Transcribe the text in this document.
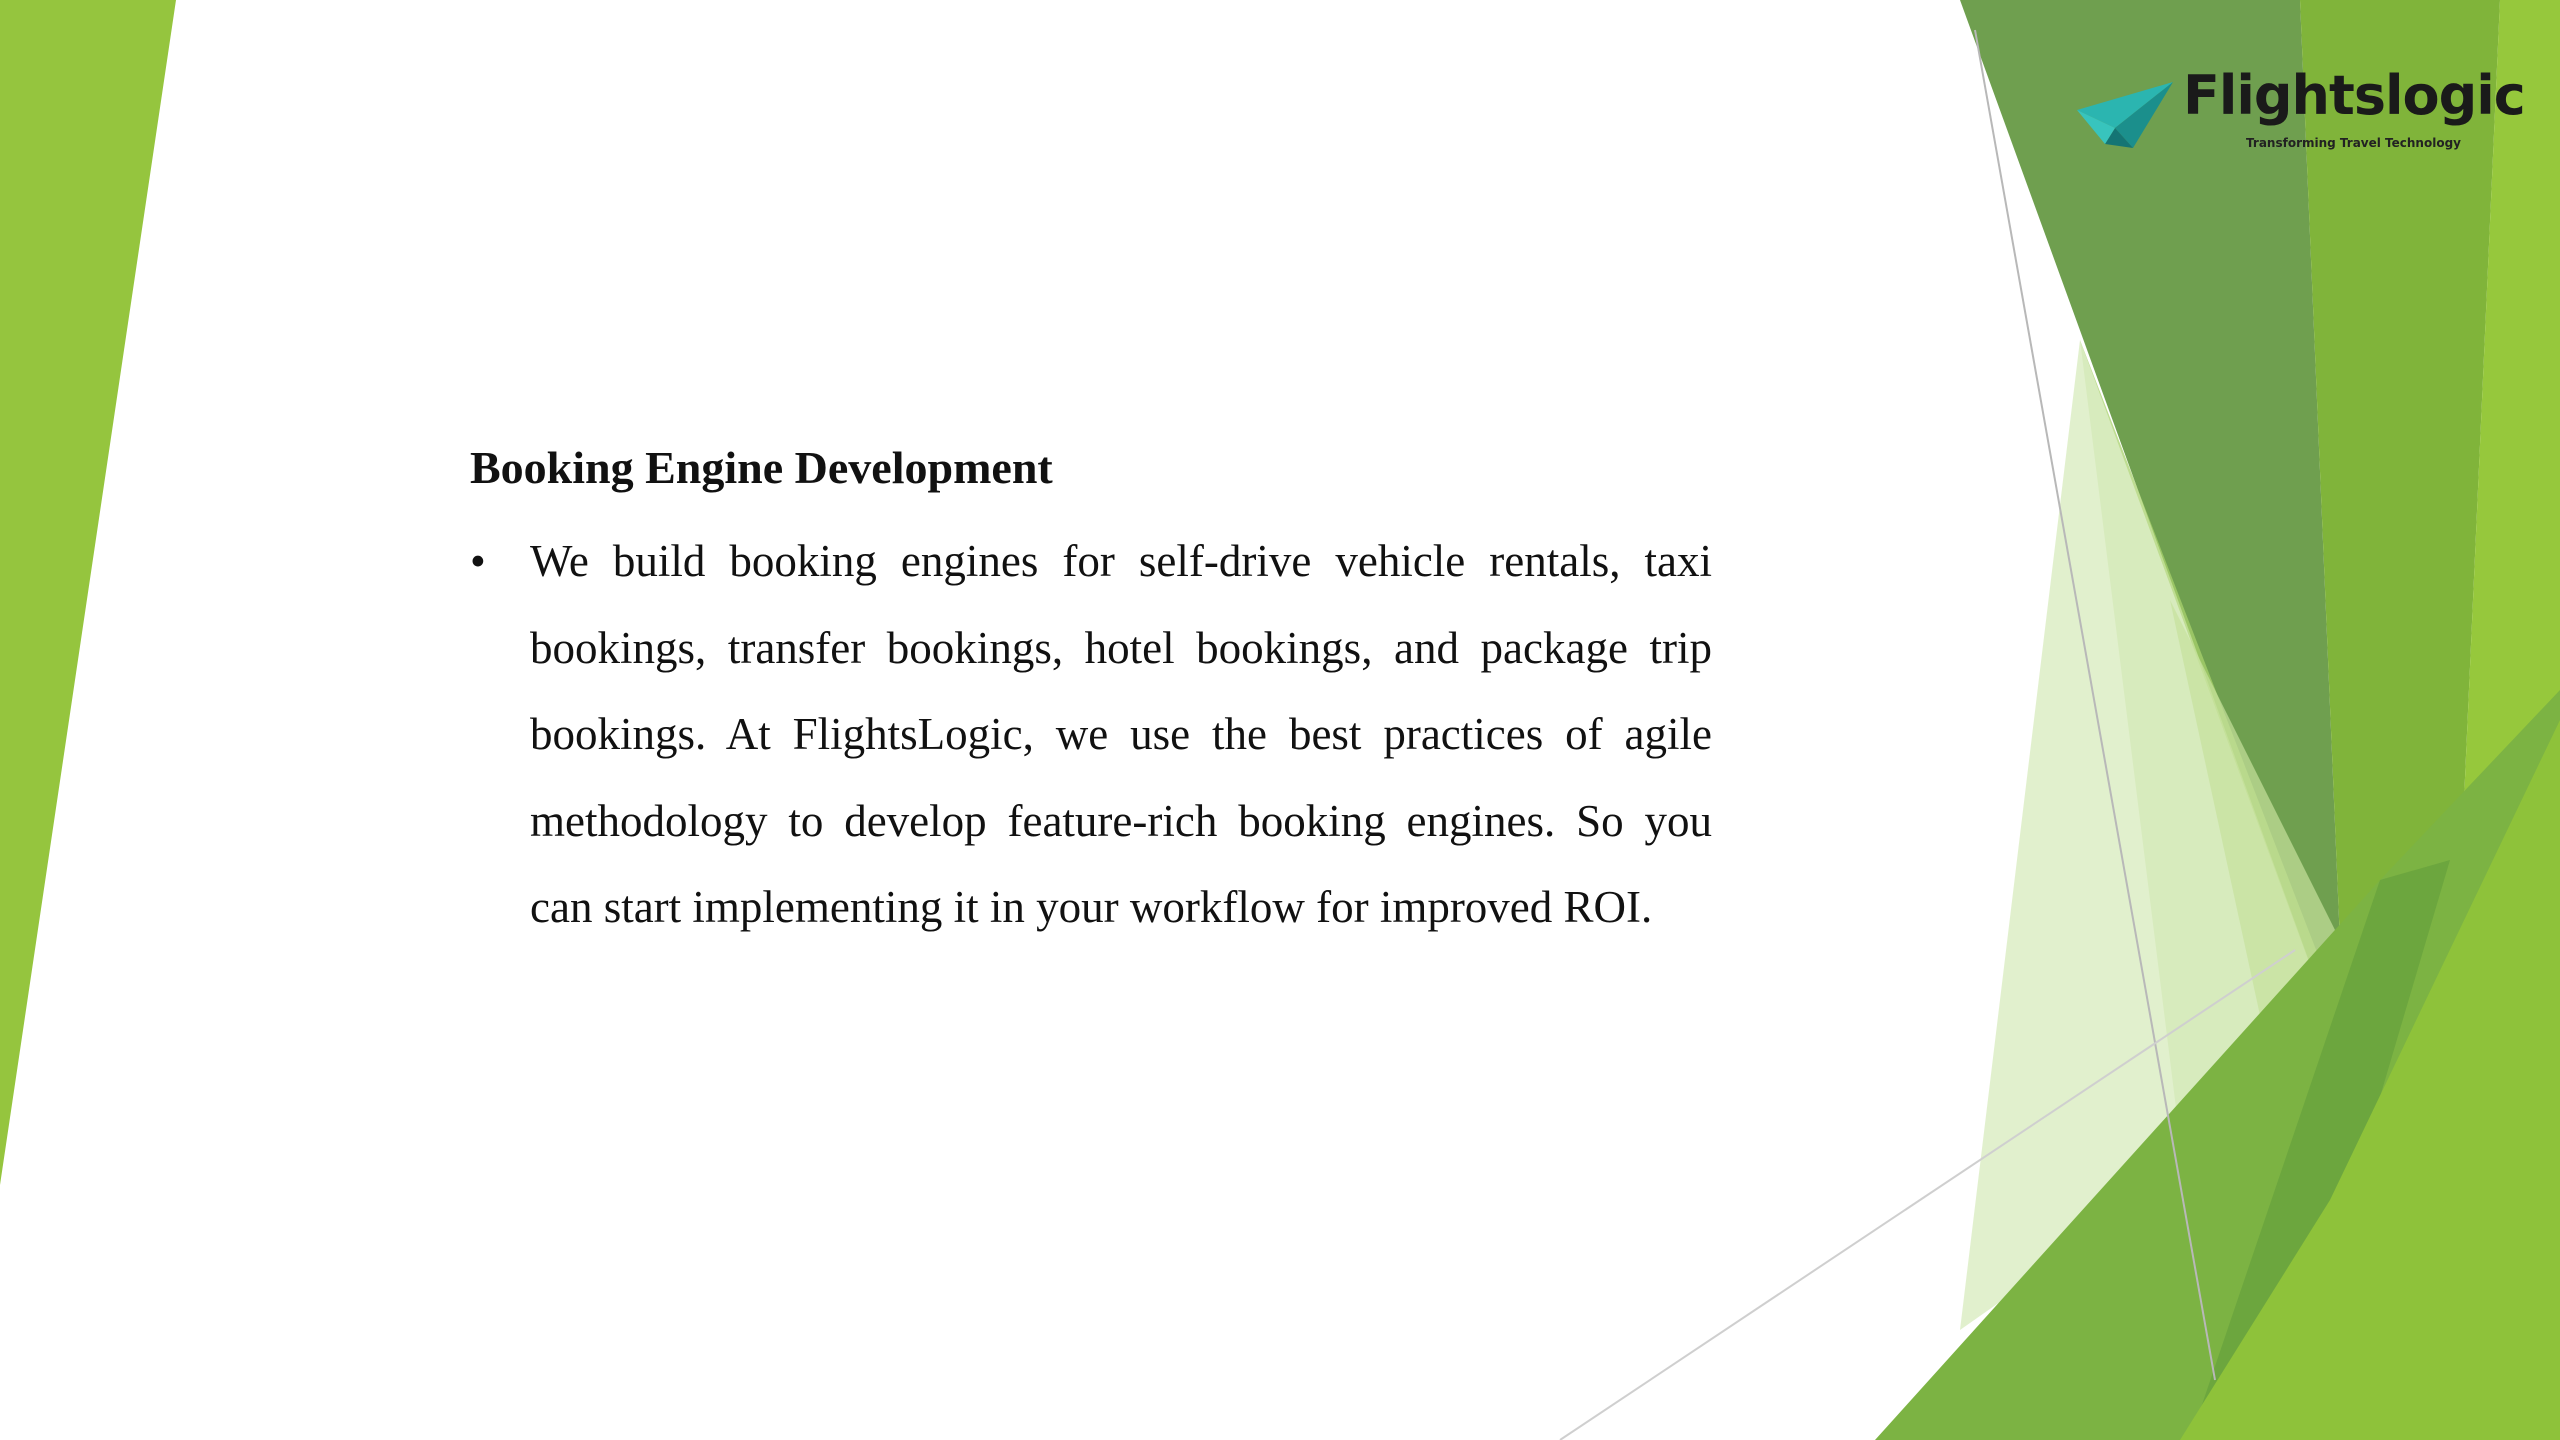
Flightslogic
Transforming Travel Technology
Booking Engine Development
• We build booking engines for self-drive vehicle rentals, taxi bookings, transfer bookings, hotel bookings, and package trip bookings. At FlightsLogic, we use the best practices of agile methodology to develop feature-rich booking engines. So you can start implementing it in your workflow for improved ROI.
